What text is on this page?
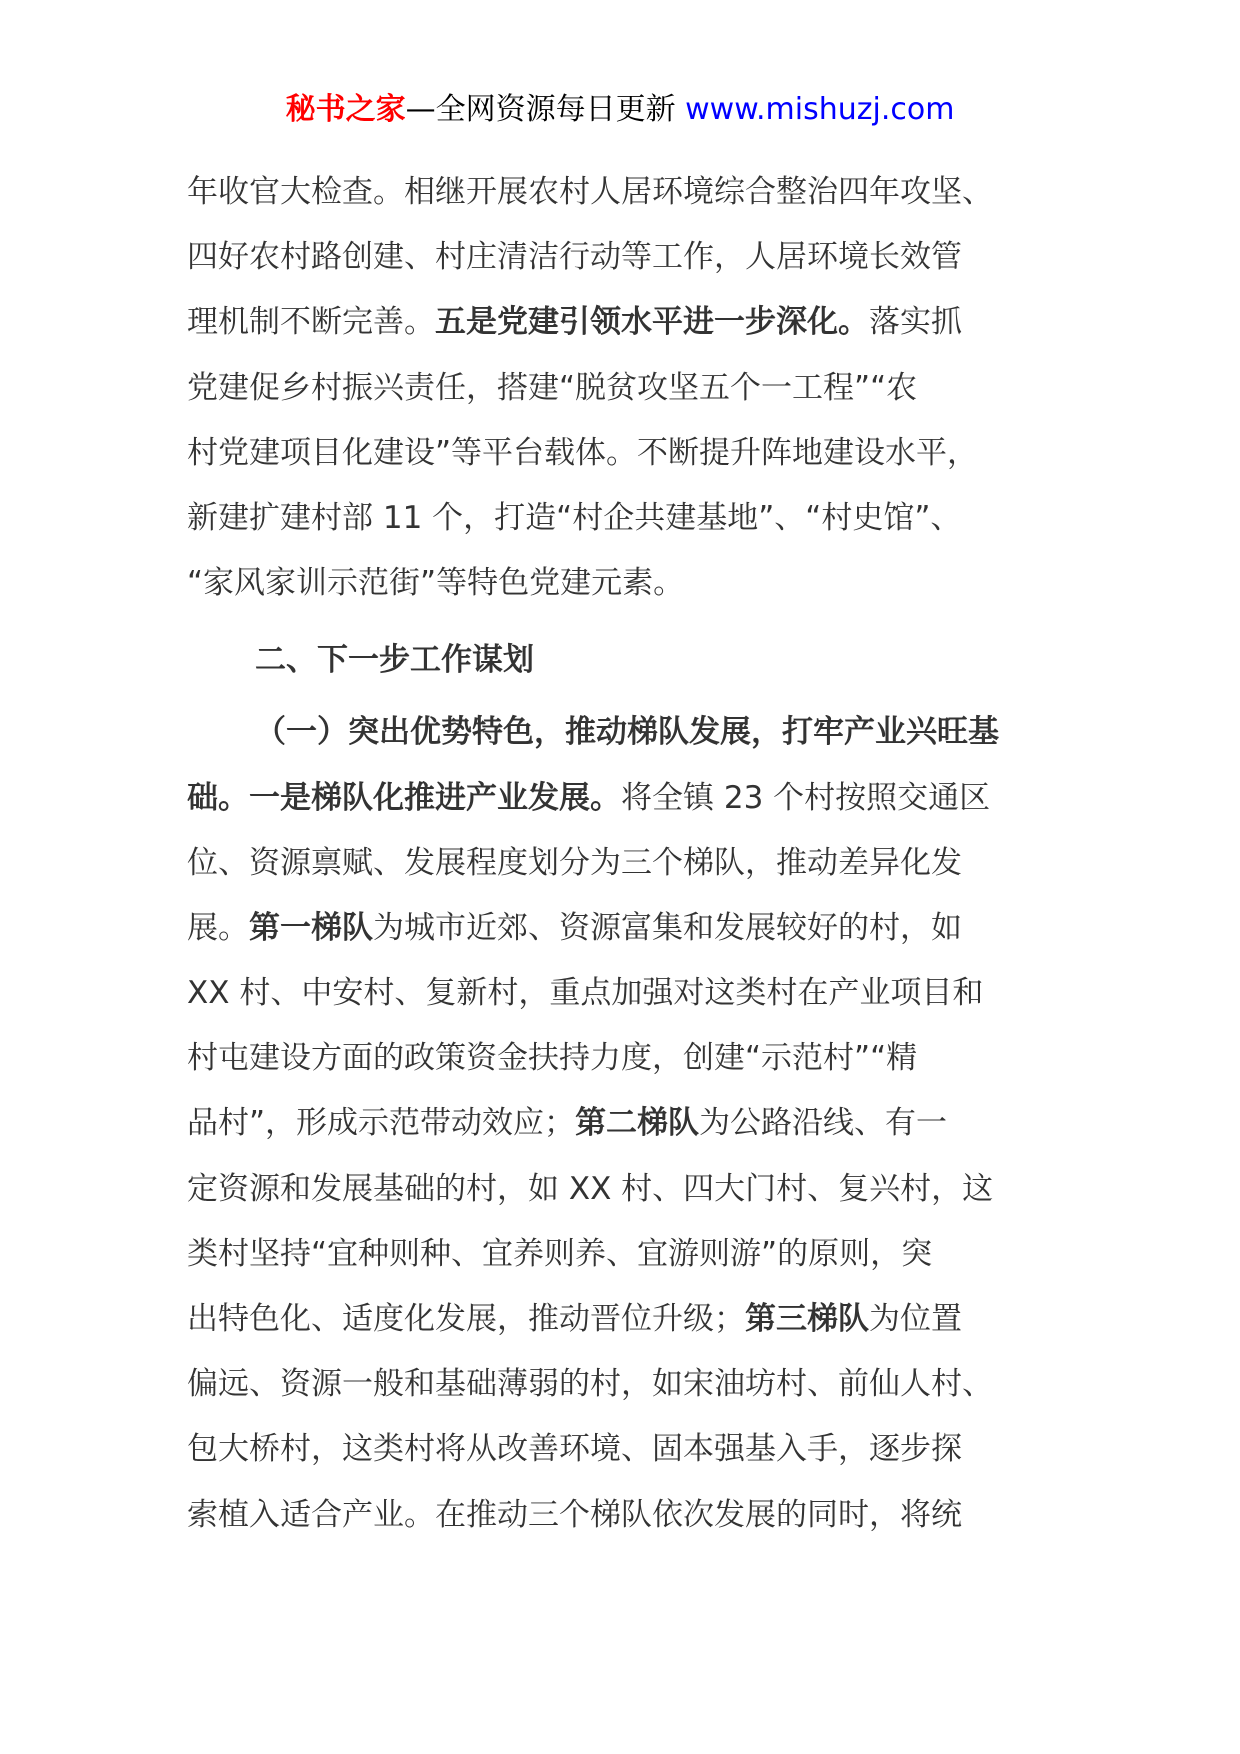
秘书之家—全网资源每日更新 www.mishuzj.com
年收官大检查。相继开展农村人居环境综合整治四年攻坚、
四好农村路创建、村庄清洁行动等工作，人居环境长效管
理机制不断完善。五是党建引领水平进一步深化。落实抓
党建促乡村振兴责任，搭建“脱贫攻坚五个一工程”“农
村党建项目化建设”等平台载体。不断提升阵地建设水平，
新建扩建村部 11 个，打造“村企共建基地”、“村史馆”、
“家风家训示范街”等特色党建元素。
二、下一步工作谋划
（一）突出优势特色，推动梯队发展，打牢产业兴旺基
础。一是梯队化推进产业发展。将全镇 23 个村按照交通区
位、资源禀赋、发展程度划分为三个梯队，推动差异化发
展。第一梯队为城市近郊、资源富集和发展较好的村，如
XX 村、中安村、复新村，重点加强对这类村在产业项目和
村屯建设方面的政策资金扶持力度，创建“示范村”“精
品村”，形成示范带动效应；第二梯队为公路沿线、有一
定资源和发展基础的村，如 XX 村、四大门村、复兴村，这
类村坚持“宜种则种、宜养则养、宜游则游”的原则，突
出特色化、适度化发展，推动晋位升级；第三梯队为位置
偏远、资源一般和基础薄弱的村，如宋油坊村、前仙人村、
包大桥村，这类村将从改善环境、固本强基入手，逐步探
索植入适合产业。在推动三个梯队依次发展的同时，将统
